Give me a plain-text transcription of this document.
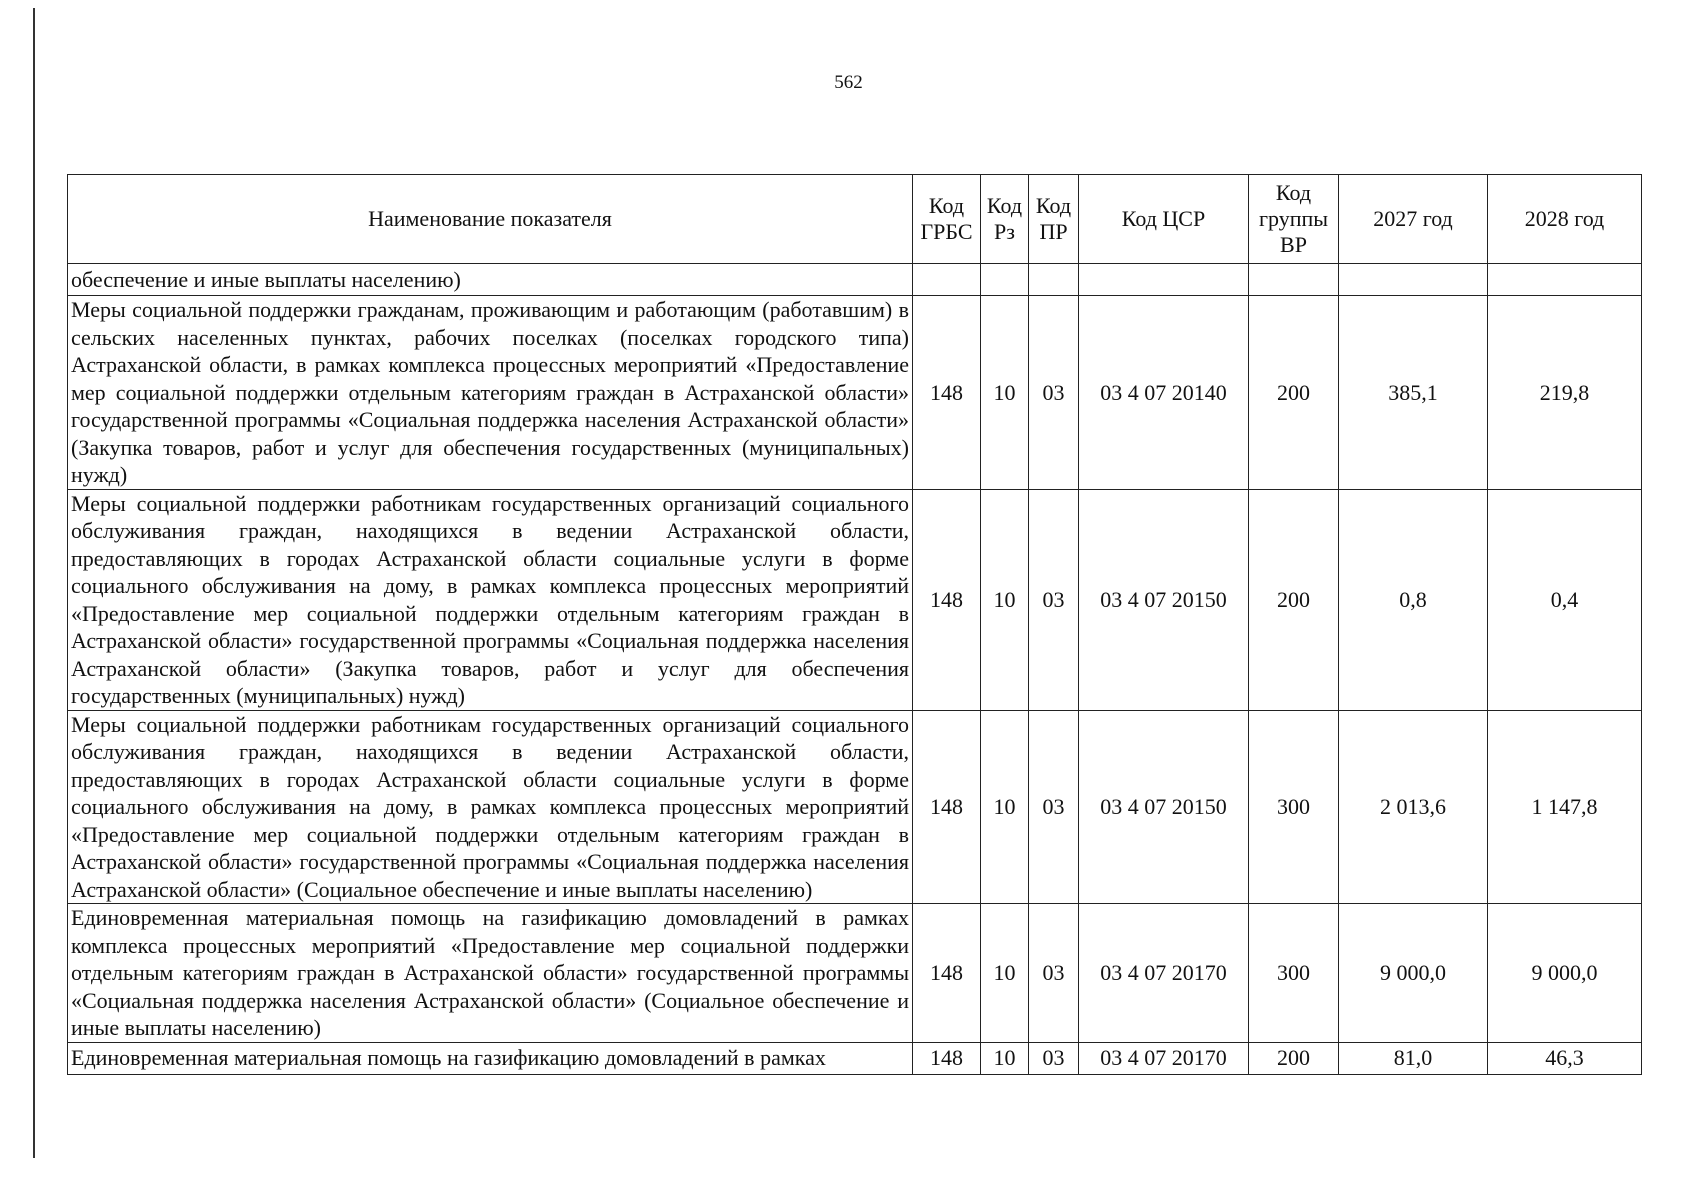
562
Наименование показателя	Код ГРБС	Код Рз	Код ПР	Код ЦСР	Код группы ВР	2027 год	2028 год
обеспечение и иные выплаты населению)							
Меры социальной поддержки гражданам, проживающим и работающим (работавшим) в сельских населенных пунктах, рабочих поселках (поселках городского типа) Астраханской области, в рамках комплекса процессных мероприятий «Предоставление мер социальной поддержки отдельным категориям граждан в Астраханской области» государственной программы «Социальная поддержка населения Астраханской области» (Закупка товаров, работ и услуг для обеспечения государственных (муниципальных) нужд)	148	10	03	03 4 07 20140	200	385,1	219,8
Меры социальной поддержки работникам государственных организаций социального обслуживания граждан, находящихся в ведении Астраханской области, предоставляющих в городах Астраханской области социальные услуги в форме социального обслуживания на дому, в рамках комплекса процессных мероприятий «Предоставление мер социальной поддержки отдельным категориям граждан в Астраханской области» государственной программы «Социальная поддержка населения Астраханской области» (Закупка товаров, работ и услуг для обеспечения государственных (муниципальных) нужд)	148	10	03	03 4 07 20150	200	0,8	0,4
Меры социальной поддержки работникам государственных организаций социального обслуживания граждан, находящихся в ведении Астраханской области, предоставляющих в городах Астраханской области социальные услуги в форме социального обслуживания на дому, в рамках комплекса процессных мероприятий «Предоставление мер социальной поддержки отдельным категориям граждан в Астраханской области» государственной программы «Социальная поддержка населения Астраханской области» (Социальное обеспечение и иные выплаты населению)	148	10	03	03 4 07 20150	300	2 013,6	1 147,8
Единовременная материальная помощь на газификацию домовладений в рамках комплекса процессных мероприятий «Предоставление мер социальной поддержки отдельным категориям граждан в Астраханской области» государственной программы «Социальная поддержка населения Астраханской области» (Социальное обеспечение и иные выплаты населению)	148	10	03	03 4 07 20170	300	9 000,0	9 000,0
Единовременная материальная помощь на газификацию домовладений в рамках	148	10	03	03 4 07 20170	200	81,0	46,3
